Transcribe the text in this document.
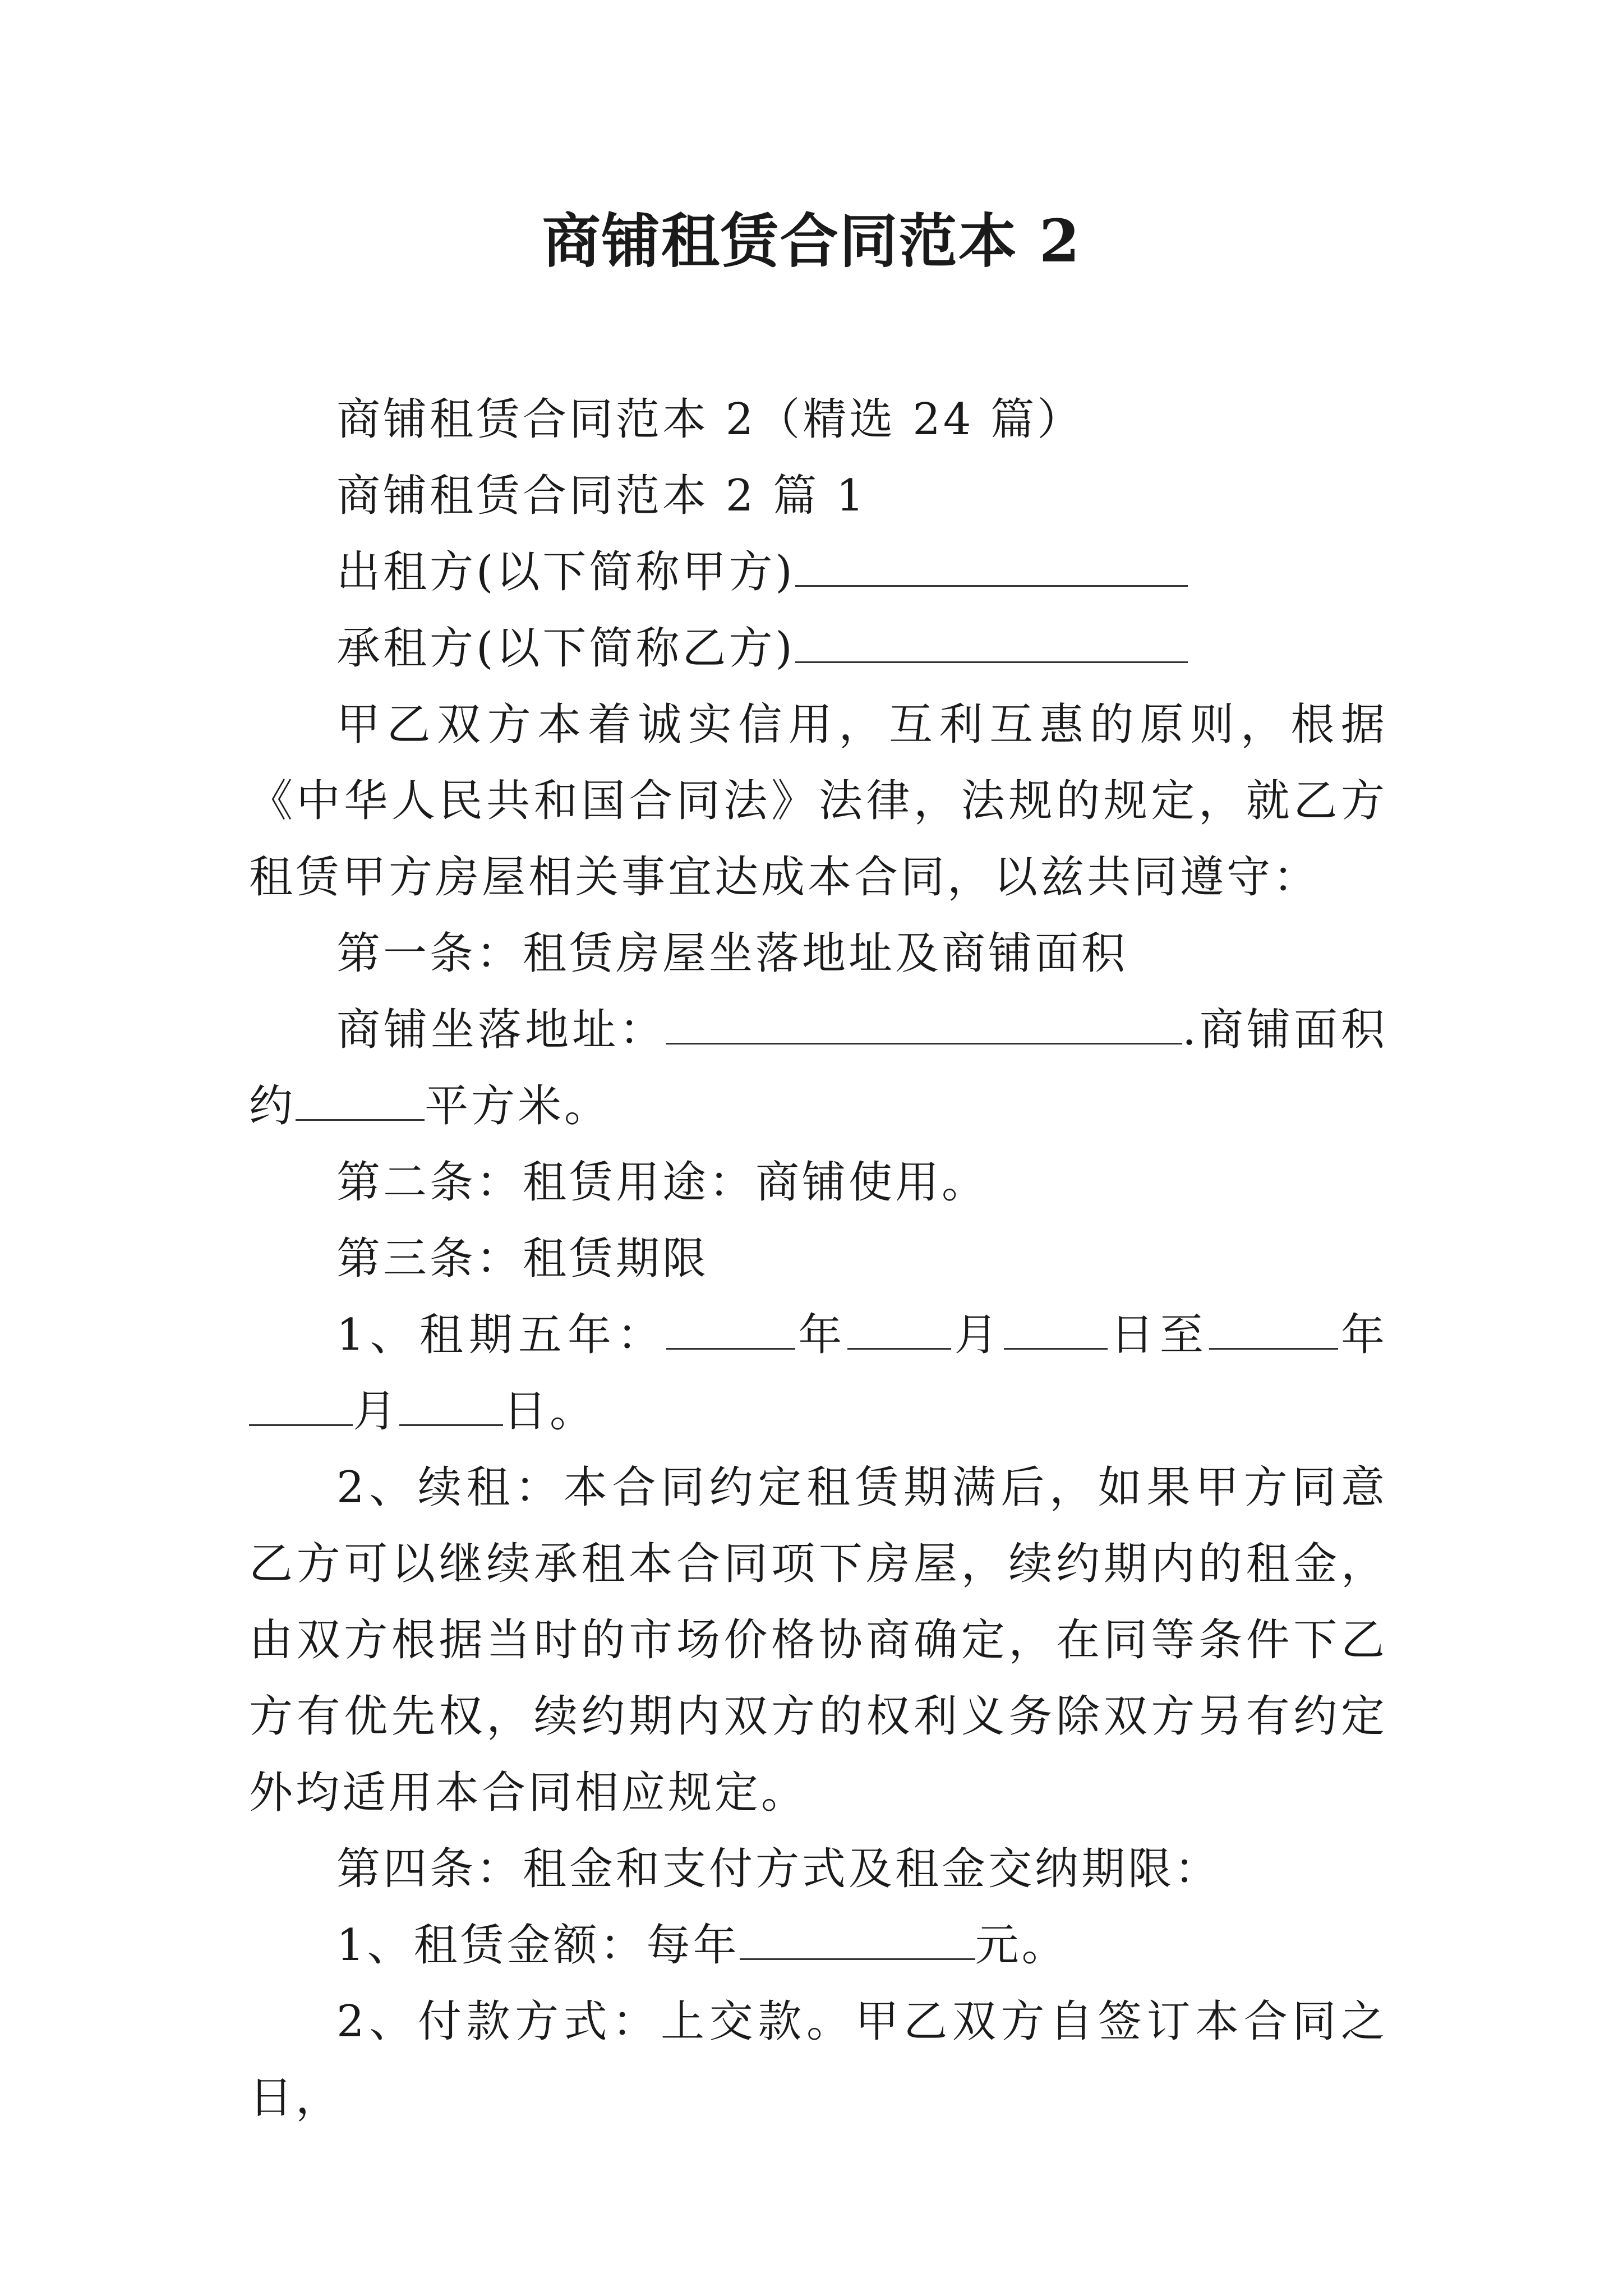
商铺租赁合同范本 2

商铺租赁合同范本 2（精选 24 篇）

商铺租赁合同范本 2 篇 1

出租方(以下简称甲方)

承租方(以下简称乙方)

甲乙双方本着诚实信用，互利互惠的原则，根据《中华人民共和国合同法》法律，法规的规定，就乙方租赁甲方房屋相关事宜达成本合同，以兹共同遵守：

第一条：租赁房屋坐落地址及商铺面积

商铺坐落地址：	.商铺面积约	平方米。

第二条：租赁用途：商铺使用。

第三条：租赁期限

1、租期五年：	年 月 日至	年月 日。

2、续租：本合同约定租赁期满后，如果甲方同意乙方可以继续承租本合同项下房屋，续约期内的租金，由双方根据当时的市场价格协商确定，在同等条件下乙方有优先权，续约期内双方的权利义务除双方另有约定外均适用本合同相应规定。

第四条：租金和支付方式及租金交纳期限：

1、租赁金额：每年	元。

2、付款方式：上交款。甲乙双方自签订本合同之日，
